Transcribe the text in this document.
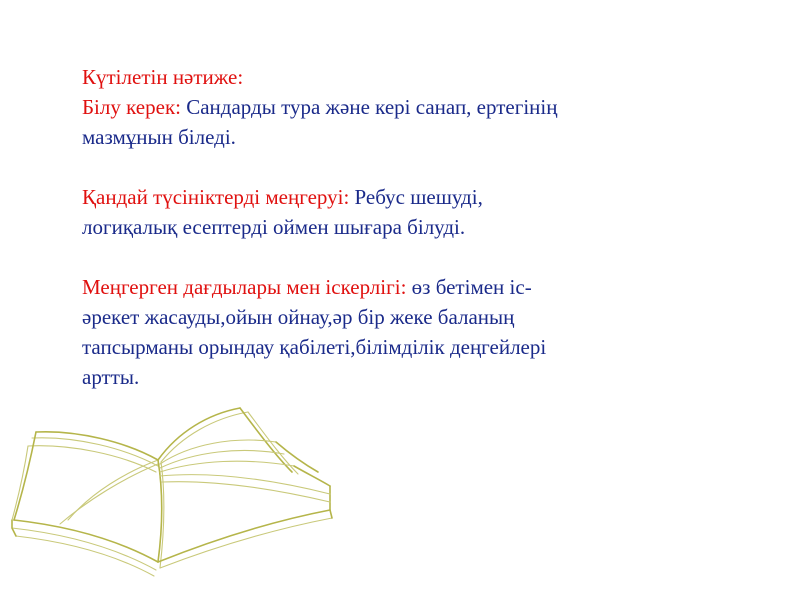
Күтілетін нәтиже:

Білу керек: Сандарды тура және кері санап, ертегінің

мазмұнын біледі.

Қандай түсініктерді меңгеруі: Ребус шешуді,

логиқалық есептерді оймен шығара білуді.

Меңгерген дағдылары мен іскерлігі: өз бетімен іс-

әрекет жасауды,ойын ойнау,әр бір жеке баланың

тапсырманы орындау қабілеті,білімділік деңгейлері

артты.
